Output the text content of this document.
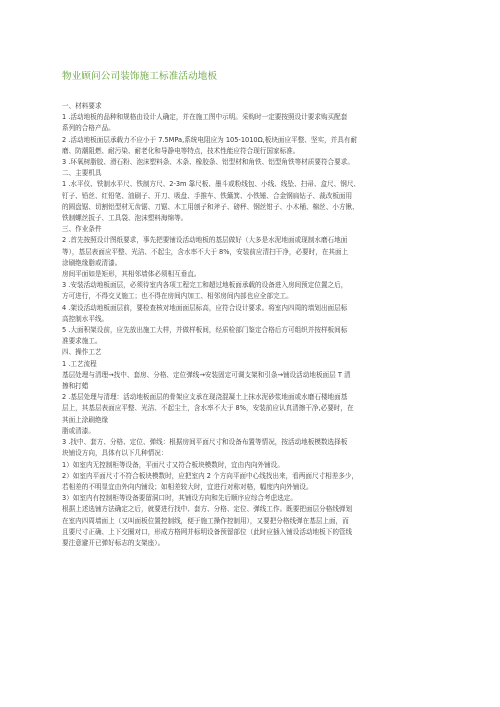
物业顾问公司装饰施工标准活动地板
一、材料要求
1 .活动地板的品种和规格由设计人确定，并在施工图中示明。采购时一定要按照设计要求购买配套
系列的合格产品。
2 .活动地板面层承载力不应小于 7.5MPa,系统电阻应为 105-1010Ω,板块面应平整、坚实，并具有耐
磨、防潮阻燃、耐污染、耐老化和导静电等特点，技术性能应符合现行国家标准。
3 .环氧树脂胶、滑石粉、泡沫塑料条、木条、橡胶条、铝型材和角铁、铝型角铁等材质要符合要求。
二、主要机具
1 .水平仪、铁制水平尺、铁制方尺、2-3m 靠尺板、墨斗或粉线包、小线、线坠、扫帚、盒尺、钢尺、
钉子、铅丝、红铅笔、油刷子、开刀、吸盘、手推车、铁簸箕、小铁锤、合金钢扁钻子、裁改板面用
的圆盘锯、切割铝型材无齿锯、刀锯、木工用刨子和斧子、磅秤、钢丝钳子、小木桶、棉丝、小方锹、
铁制螺丝扳子、工具袋、泡沫塑料海绵等。
三、作业条件
2 .首先按照设计图纸要求，事先把要铺设活动地板的基层做好（大多是水泥地面或现制水磨石地面
等），基层表面应平整、光洁、不起尘，含水率不大于 8%，安装前应清扫干净，必要时，在其面上
涂刷绝缘脂或清漆。
房间平面如是矩形，其相邻墙体必须相互垂直。
3 .安装活动地板面层，必须待室内各项工程完工和超过地板面承载的设备进入房间预定位置之后，
方可进行，不得交叉施工；也不得在房间内加工、相邻房间内部也应全部完工。
4 .架设活动地板面层前，要检查核对地面面层标高，应符合设计要求。将室内四周的墙划出面层标
高控制水平线。
5 .大面积架设前，应先放出施工大样，并做样板间，经质检部门鉴定合格后方可组织并按样板间标
准要求施工。
四、操作工艺
1 .工艺流程
基层处理与清理→找中、套房、分格、定位弹线→安装固定可调支架和引条→铺设活动地板面层 T 清
擦和打蜡
2 .基层处理与清理：活动地板面层的骨架应支承在现浇混凝土上抹水泥砂浆地面或水磨石楼地面基
层上，其基层表面应平整、光洁、不起尘土，含水率不大于 8%，安装前应认真清擦干净,必要时，在
其面上涂刷绝缘
脂或清漆。
3 .找中、套方、分格、定位、弹线：根据房间平面尺寸和设备布置等情况，按活动地板模数选择板
块铺设方向，具体有以下几种情况：
1）如室内无控制柜等设备，平面尺寸又符合板块模数时，宜由内向外铺设。
2）如室内平面尺寸不符合板块模数时，应把室内 2 个方向平面中心线找出来，看两面尺寸相差多少，
若相差的不明显宜由外向内铺设；如相差较大时，宜进行对称对格，幅度内向外铺设。
3）如室内有控制柜等设备要留洞口时，其铺设方向和先后顺序应综合考虑选定。
根据上述选铺方法确定之后，就要进行找中、套方、分格、定位、弹线工作。既要把面层分格线弹划
在室内四周墙面上（又叫面板位置控制线，便于施工操作控制用），又要把分格线弹在基层上面，而
且要尺寸正确、上下交圈对口，形成方格网并标明设备预留部位（此时应插入铺设活动地板下的管线
要注意避开已弹好标志的支架座）。
